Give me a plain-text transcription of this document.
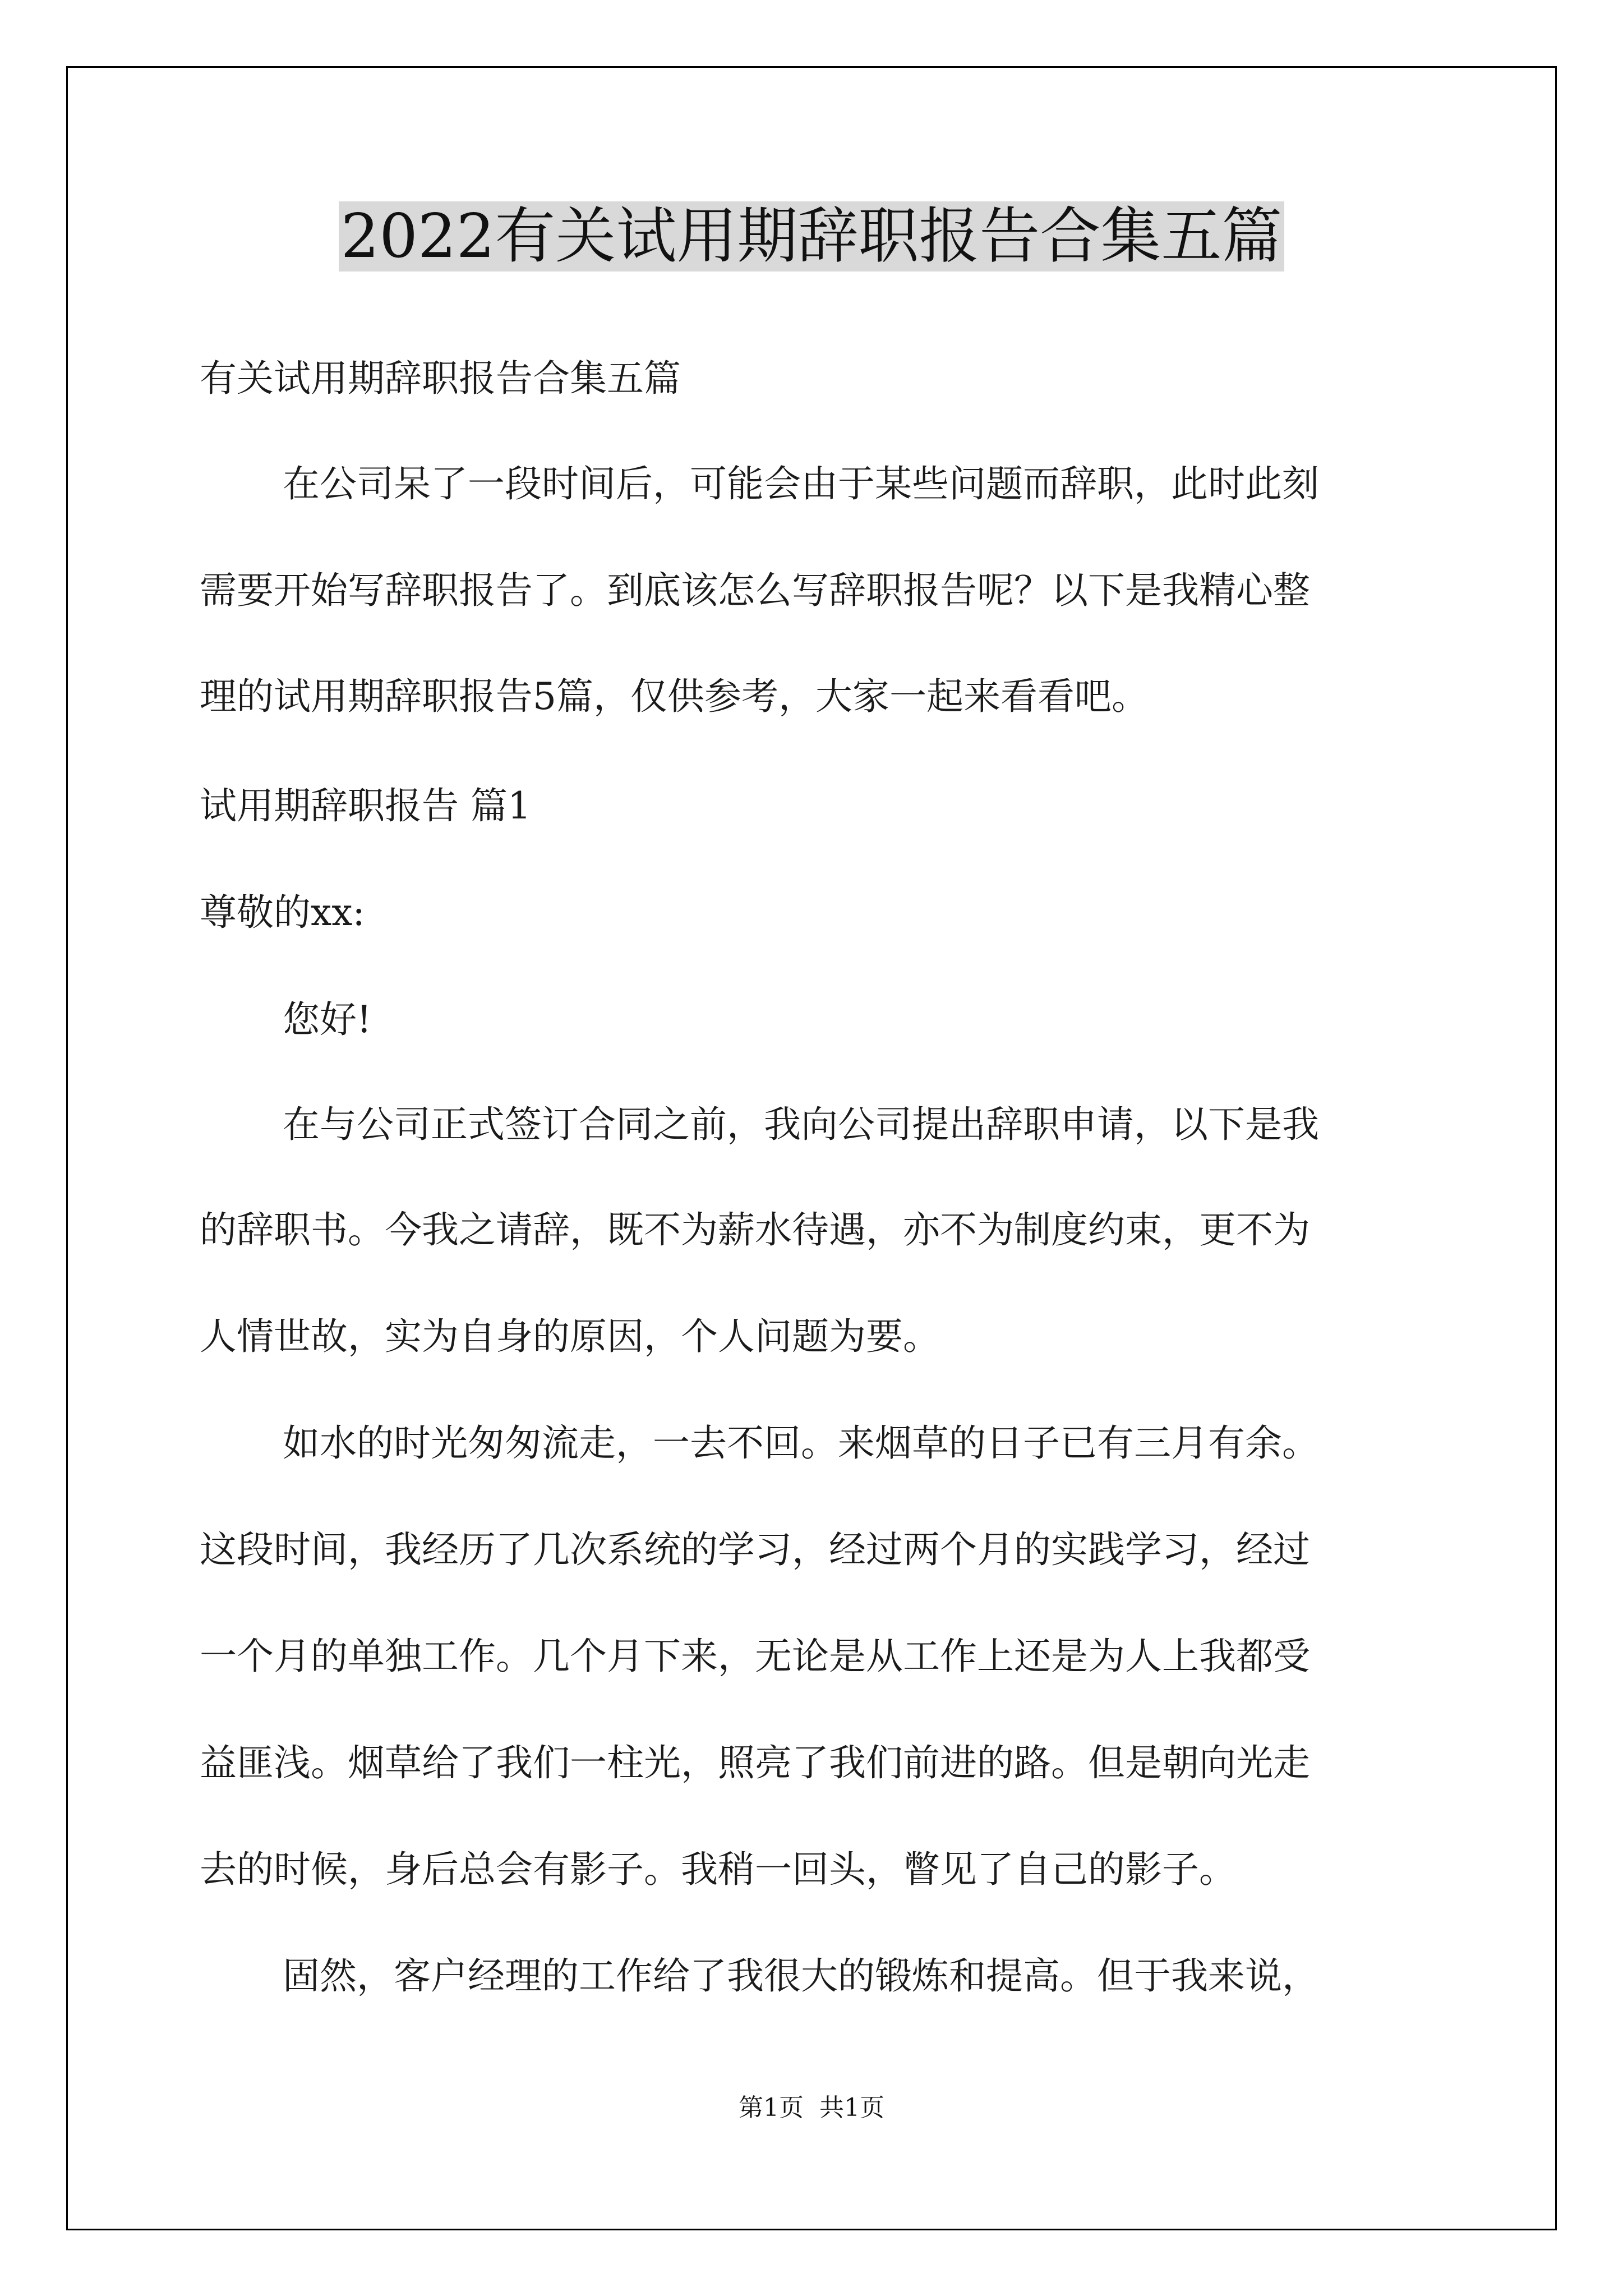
2022有关试用期辞职报告合集五篇
有关试用期辞职报告合集五篇
在公司呆了一段时间后，可能会由于某些问题而辞职，此时此刻
需要开始写辞职报告了。到底该怎么写辞职报告呢？以下是我精心整
理的试用期辞职报告5篇，仅供参考，大家一起来看看吧。
试用期辞职报告 篇1
尊敬的xx:
您好!
在与公司正式签订合同之前，我向公司提出辞职申请，以下是我
的辞职书。今我之请辞，既不为薪水待遇，亦不为制度约束，更不为
人情世故，实为自身的原因，个人问题为要。
如水的时光匆匆流走，一去不回。来烟草的日子已有三月有余。
这段时间，我经历了几次系统的学习，经过两个月的实践学习，经过
一个月的单独工作。几个月下来，无论是从工作上还是为人上我都受
益匪浅。烟草给了我们一柱光，照亮了我们前进的路。但是朝向光走
去的时候，身后总会有影子。我稍一回头，瞥见了自己的影子。
固然，客户经理的工作给了我很大的锻炼和提高。但于我来说，
第1页  共1页
